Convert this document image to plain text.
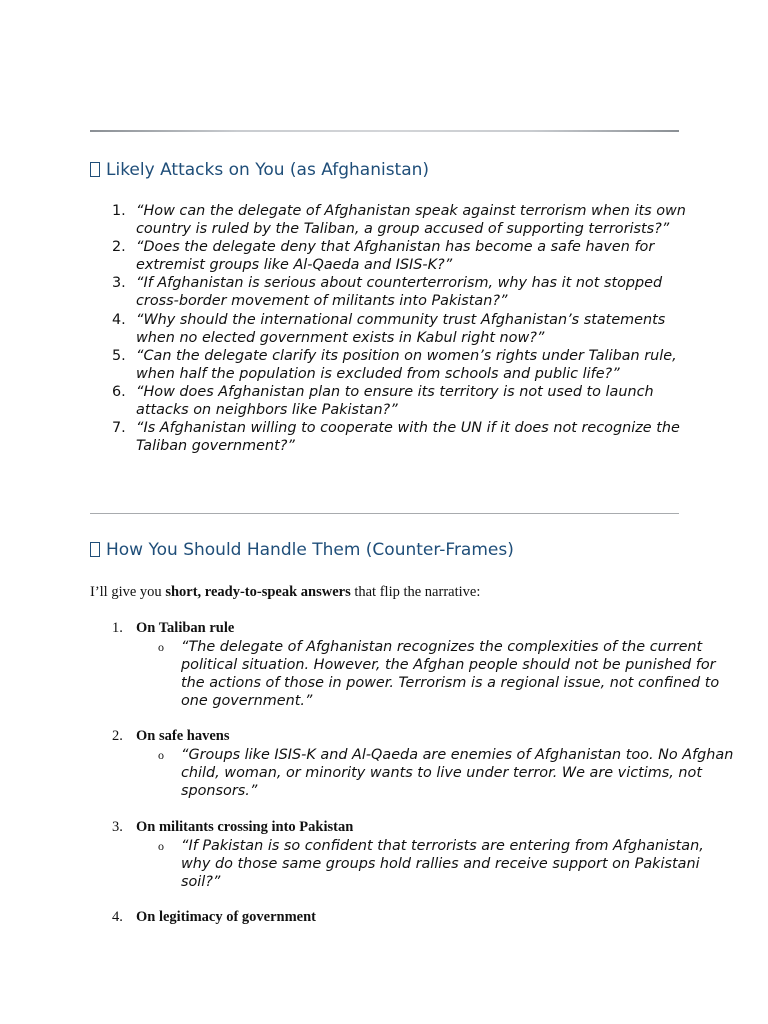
Likely Attacks on You (as Afghanistan)
1. “How can the delegate of Afghanistan speak against terrorism when its own country is ruled by the Taliban, a group accused of supporting terrorists?”
2. “Does the delegate deny that Afghanistan has become a safe haven for extremist groups like Al-Qaeda and ISIS-K?”
3. “If Afghanistan is serious about counterterrorism, why has it not stopped cross-border movement of militants into Pakistan?”
4. “Why should the international community trust Afghanistan’s statements when no elected government exists in Kabul right now?”
5. “Can the delegate clarify its position on women’s rights under Taliban rule, when half the population is excluded from schools and public life?”
6. “How does Afghanistan plan to ensure its territory is not used to launch attacks on neighbors like Pakistan?”
7. “Is Afghanistan willing to cooperate with the UN if it does not recognize the Taliban government?”
How You Should Handle Them (Counter-Frames)

I’ll give you short, ready-to-speak answers that flip the narrative:

1. On Taliban rule
o “The delegate of Afghanistan recognizes the complexities of the current political situation. However, the Afghan people should not be punished for the actions of those in power. Terrorism is a regional issue, not confined to one government.”
2. On safe havens
o “Groups like ISIS-K and Al-Qaeda are enemies of Afghanistan too. No Afghan child, woman, or minority wants to live under terror. We are victims, not sponsors.”
3. On militants crossing into Pakistan
o “If Pakistan is so confident that terrorists are entering from Afghanistan, why do those same groups hold rallies and receive support on Pakistani soil?”
4. On legitimacy of government
